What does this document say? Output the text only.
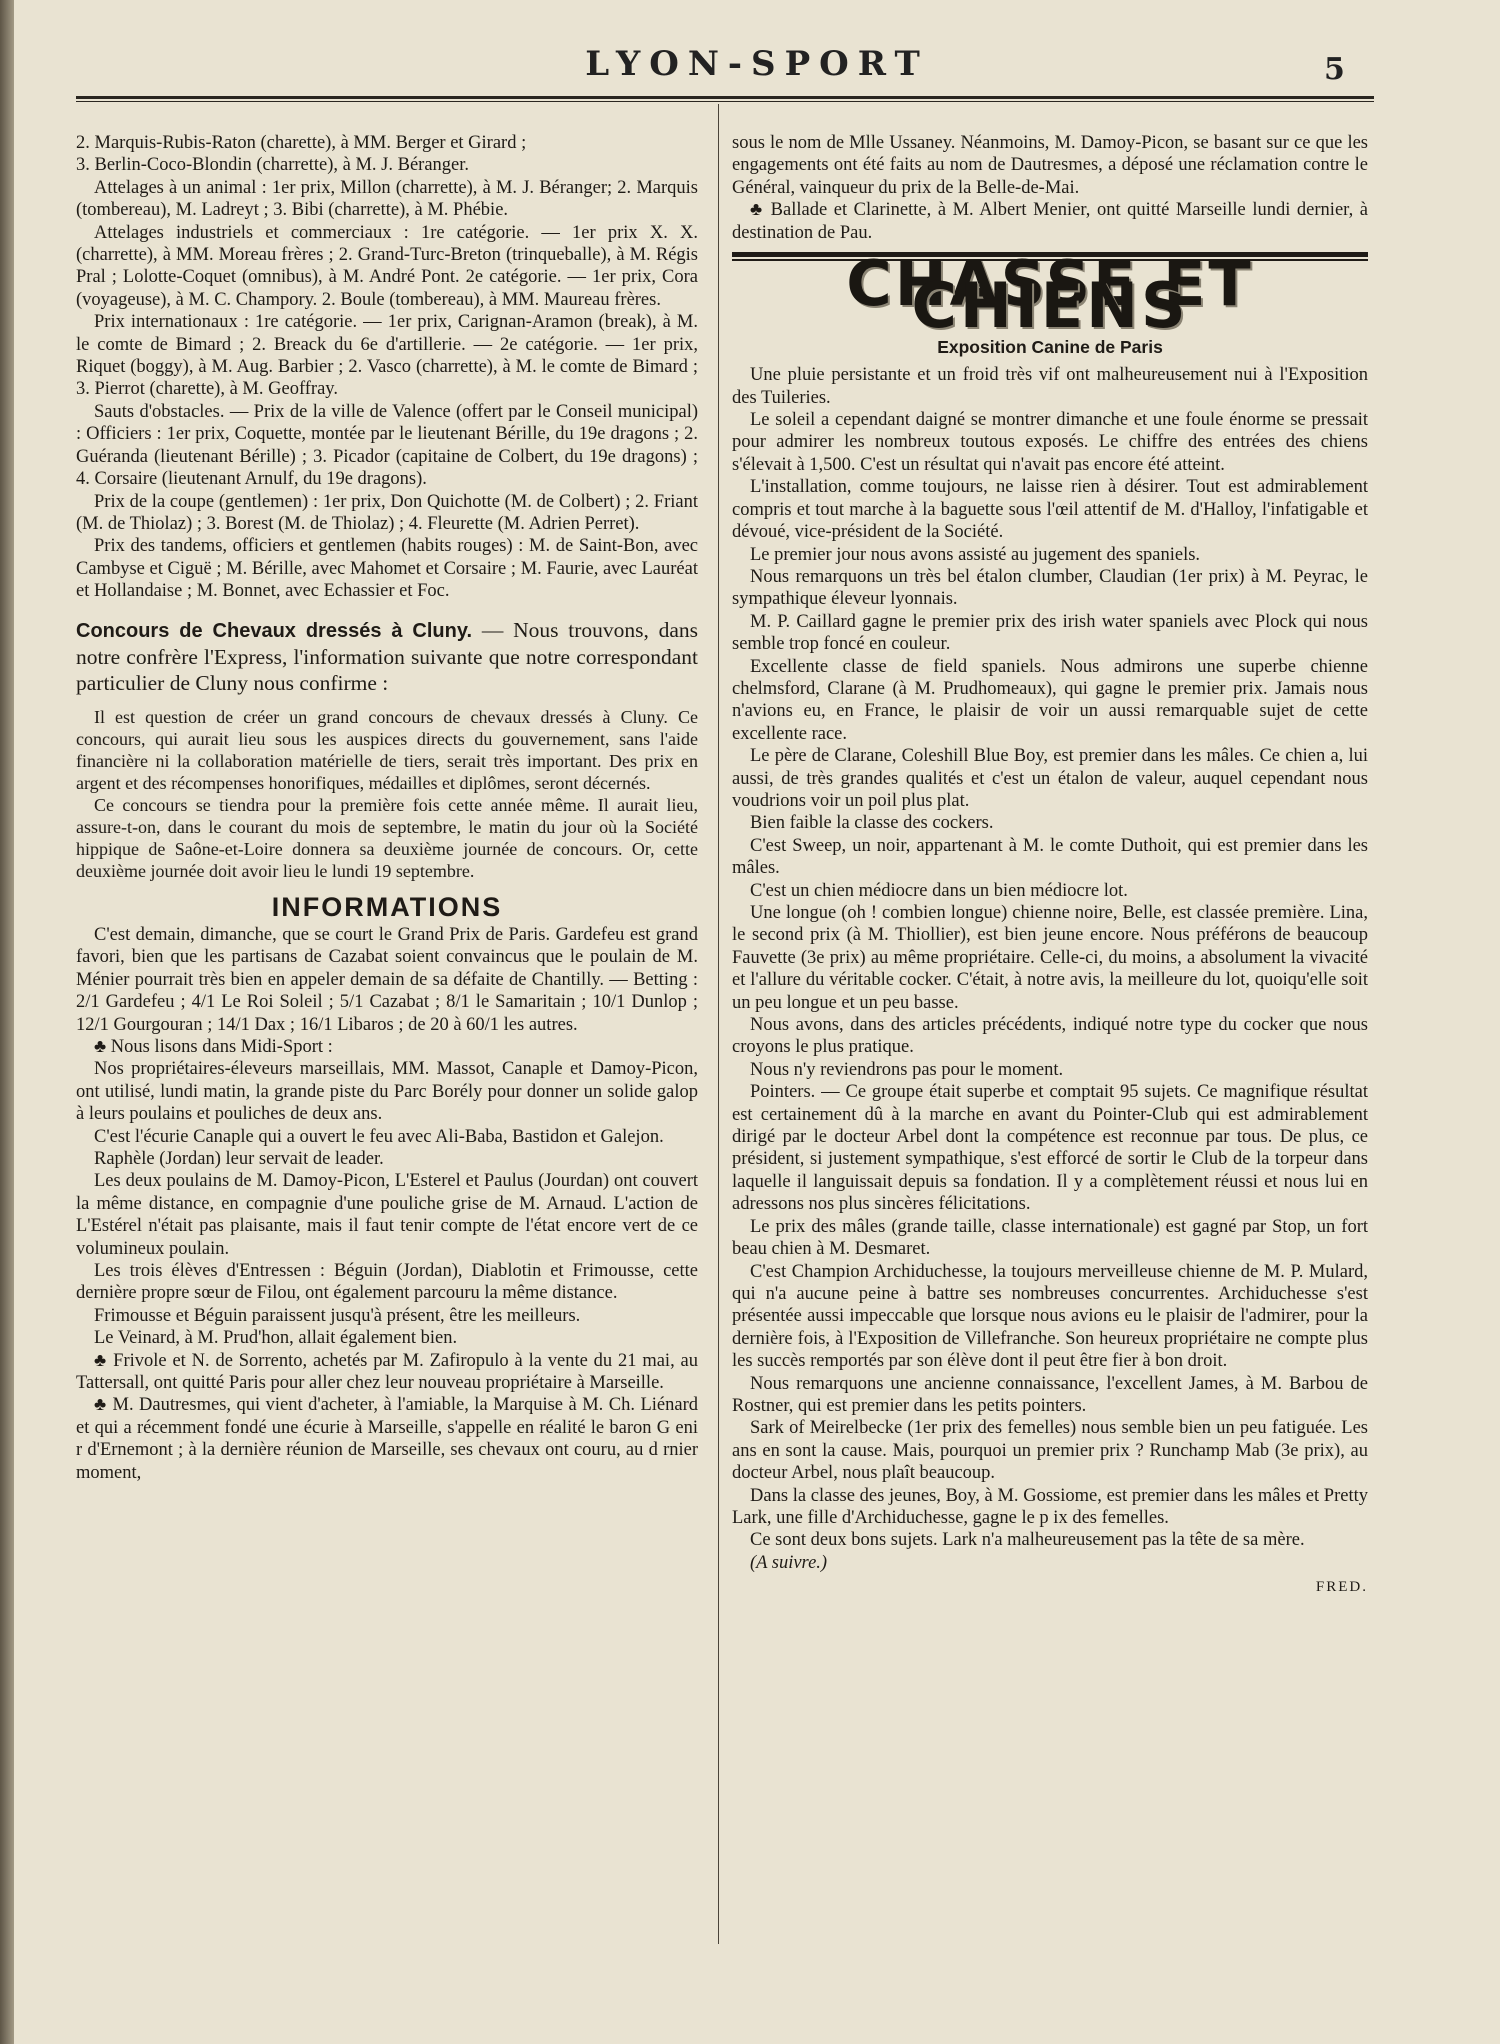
LYON-SPORT	5

2. Marquis-Rubis-Raton (charette), à MM. Berger et Girard ;

3. Berlin-Coco-Blondin (charrette), à M. J. Béranger.

Attelages à un animal : 1er prix, Millon (charrette), à M. J. Béranger; 2. Marquis (tombereau), M. Ladreyt ; 3. Bibi (charrette), à M. Phébie.

Attelages industriels et commerciaux : 1re catégorie. — 1er prix X. X. (charrette), à MM. Moreau frères ; 2. Grand-Turc-Breton (trinqueballe), à M. Régis Pral ; Lolotte-Coquet (omnibus), à M. André Pont. 2e catégorie. — 1er prix, Cora (voyageuse), à M. C. Champory. 2. Boule (tombereau), à MM. Maureau frères.

Prix internationaux : 1re catégorie. — 1er prix, Carignan-Aramon (break), à M. le comte de Bimard ; 2. Breack du 6e d'artillerie. — 2e catégorie. — 1er prix, Riquet (boggy), à M. Aug. Barbier ; 2. Vasco (charrette), à M. le comte de Bimard ; 3. Pierrot (charette), à M. Geoffray.

Sauts d'obstacles. — Prix de la ville de Valence (offert par le Conseil municipal) : Officiers : 1er prix, Coquette, montée par le lieutenant Bérille, du 19e dragons ; 2. Guéranda (lieutenant Bérille) ; 3. Picador (capitaine de Colbert, du 19e dragons) ; 4. Corsaire (lieutenant Arnulf, du 19e dragons).

Prix de la coupe (gentlemen) : 1er prix, Don Quichotte (M. de Colbert) ; 2. Friant (M. de Thiolaz) ; 3. Borest (M. de Thiolaz) ; 4. Fleurette (M. Adrien Perret).

Prix des tandems, officiers et gentlemen (habits rouges) : M. de Saint-Bon, avec Cambyse et Ciguë ; M. Bérille, avec Mahomet et Corsaire ; M. Faurie, avec Lauréat et Hollandaise ; M. Bonnet, avec Echassier et Foc.

Concours de Chevaux dressés à Cluny. — Nous trouvons, dans notre confrère l'Express, l'information suivante que notre correspondant particulier de Cluny nous confirme :

Il est question de créer un grand concours de chevaux dressés à Cluny. Ce concours, qui aurait lieu sous les auspices directs du gouvernement, sans l'aide financière ni la collaboration matérielle de tiers, serait très important. Des prix en argent et des récompenses honorifiques, médailles et diplômes, seront décernés.

Ce concours se tiendra pour la première fois cette année même. Il aurait lieu, assure-t-on, dans le courant du mois de septembre, le matin du jour où la Société hippique de Saône-et-Loire donnera sa deuxième journée de concours. Or, cette deuxième journée doit avoir lieu le lundi 19 septembre.

INFORMATIONS

C'est demain, dimanche, que se court le Grand Prix de Paris. Gardefeu est grand favori, bien que les partisans de Cazabat soient convaincus que le poulain de M. Ménier pourrait très bien en appeler demain de sa défaite de Chantilly. — Betting : 2/1 Gardefeu ; 4/1 Le Roi Soleil ; 5/1 Cazabat ; 8/1 le Samaritain ; 10/1 Dunlop ; 12/1 Gourgouran ; 14/1 Dax ; 16/1 Libaros ; de 20 à 60/1 les autres.

♣ Nous lisons dans Midi-Sport :

Nos propriétaires-éleveurs marseillais, MM. Massot, Canaple et Damoy-Picon, ont utilisé, lundi matin, la grande piste du Parc Borély pour donner un solide galop à leurs poulains et pouliches de deux ans.

C'est l'écurie Canaple qui a ouvert le feu avec Ali-Baba, Bastidon et Galejon.

Raphèle (Jordan) leur servait de leader.

Les deux poulains de M. Damoy-Picon, L'Esterel et Paulus (Jourdan) ont couvert la même distance, en compagnie d'une pouliche grise de M. Arnaud. L'action de L'Estérel n'était pas plaisante, mais il faut tenir compte de l'état encore vert de ce volumineux poulain.

Les trois élèves d'Entressen : Béguin (Jordan), Diablotin et Frimousse, cette dernière propre sœur de Filou, ont également parcouru la même distance.

Frimousse et Béguin paraissent jusqu'à présent, être les meilleurs.

Le Veinard, à M. Prud'hon, allait également bien.

♣ Frivole et N. de Sorrento, achetés par M. Zafiropulo à la vente du 21 mai, au Tattersall, ont quitté Paris pour aller chez leur nouveau propriétaire à Marseille.

♣ M. Dautresmes, qui vient d'acheter, à l'amiable, la Marquise à M. Ch. Liénard et qui a récemment fondé une écurie à Marseille, s'appelle en réalité le baron G eni r d'Ernemont ; à la dernière réunion de Marseille, ses chevaux ont couru, au d rnier moment,

sous le nom de Mlle Ussaney. Néanmoins, M. Damoy-Picon, se basant sur ce que les engagements ont été faits au nom de Dautresmes, a déposé une réclamation contre le Général, vainqueur du prix de la Belle-de-Mai.

♣ Ballade et Clarinette, à M. Albert Menier, ont quitté Marseille lundi dernier, à destination de Pau.

CHASSE ET CHIENS
Exposition Canine de Paris

Une pluie persistante et un froid très vif ont malheureusement nui à l'Exposition des Tuileries.

Le soleil a cependant daigné se montrer dimanche et une foule énorme se pressait pour admirer les nombreux toutous exposés. Le chiffre des entrées des chiens s'élevait à 1,500. C'est un résultat qui n'avait pas encore été atteint.

L'installation, comme toujours, ne laisse rien à désirer. Tout est admirablement compris et tout marche à la baguette sous l'œil attentif de M. d'Halloy, l'infatigable et dévoué, vice-président de la Société.

Le premier jour nous avons assisté au jugement des spaniels.

Nous remarquons un très bel étalon clumber, Claudian (1er prix) à M. Peyrac, le sympathique éleveur lyonnais.

M. P. Caillard gagne le premier prix des irish water spaniels avec Plock qui nous semble trop foncé en couleur.

Excellente classe de field spaniels. Nous admirons une superbe chienne chelmsford, Clarane (à M. Prudhomeaux), qui gagne le premier prix. Jamais nous n'avions eu, en France, le plaisir de voir un aussi remarquable sujet de cette excellente race.

Le père de Clarane, Coleshill Blue Boy, est premier dans les mâles. Ce chien a, lui aussi, de très grandes qualités et c'est un étalon de valeur, auquel cependant nous voudrions voir un poil plus plat.

Bien faible la classe des cockers.

C'est Sweep, un noir, appartenant à M. le comte Duthoit, qui est premier dans les mâles.

C'est un chien médiocre dans un bien médiocre lot.

Une longue (oh ! combien longue) chienne noire, Belle, est classée première. Lina, le second prix (à M. Thiollier), est bien jeune encore. Nous préférons de beaucoup Fauvette (3e prix) au même propriétaire. Celle-ci, du moins, a absolument la vivacité et l'allure du véritable cocker. C'était, à notre avis, la meilleure du lot, quoiqu'elle soit un peu longue et un peu basse.

Nous avons, dans des articles précédents, indiqué notre type du cocker que nous croyons le plus pratique.

Nous n'y reviendrons pas pour le moment.

Pointers. — Ce groupe était superbe et comptait 95 sujets. Ce magnifique résultat est certainement dû à la marche en avant du Pointer-Club qui est admirablement dirigé par le docteur Arbel dont la compétence est reconnue par tous. De plus, ce président, si justement sympathique, s'est efforcé de sortir le Club de la torpeur dans laquelle il languissait depuis sa fondation. Il y a complètement réussi et nous lui en adressons nos plus sincères félicitations.

Le prix des mâles (grande taille, classe internationale) est gagné par Stop, un fort beau chien à M. Desmaret.

C'est Champion Archiduchesse, la toujours merveilleuse chienne de M. P. Mulard, qui n'a aucune peine à battre ses nombreuses concurrentes. Archiduchesse s'est présentée aussi impeccable que lorsque nous avions eu le plaisir de l'admirer, pour la dernière fois, à l'Exposition de Villefranche. Son heureux propriétaire ne compte plus les succès remportés par son élève dont il peut être fier à bon droit.

Nous remarquons une ancienne connaissance, l'excellent James, à M. Barbou de Rostner, qui est premier dans les petits pointers.

Sark of Meirelbecke (1er prix des femelles) nous semble bien un peu fatiguée. Les ans en sont la cause. Mais, pourquoi un premier prix ? Runchamp Mab (3e prix), au docteur Arbel, nous plaît beaucoup.

Dans la classe des jeunes, Boy, à M. Gossiome, est premier dans les mâles et Pretty Lark, une fille d'Archiduchesse, gagne le p ix des femelles.

Ce sont deux bons sujets. Lark n'a malheureusement pas la tête de sa mère.

(A suivre.)

FRED.
